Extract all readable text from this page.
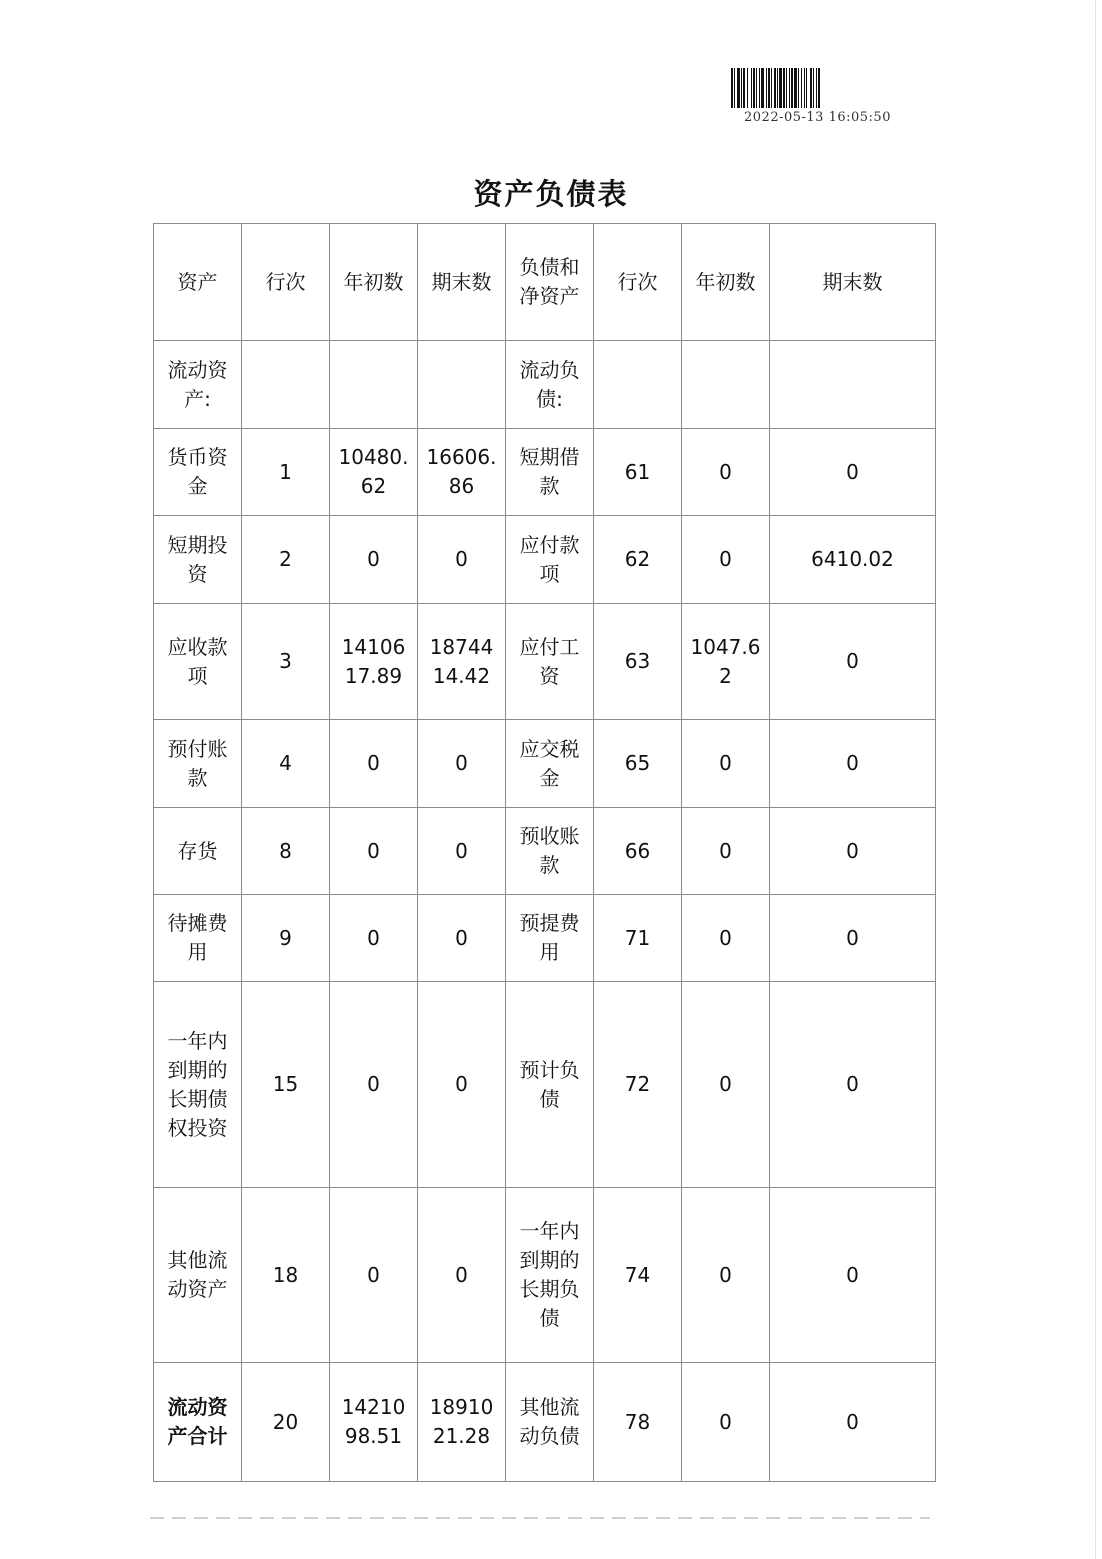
2022-05-13 16:05:50
资产负债表
资产	行次	年初数	期末数	负债和净资产	行次	年初数	期末数
流动资产:				流动负债:			
货币资金	1	10480.62	16606.86	短期借款	61	0	0
短期投资	2	0	0	应付款项	62	0	6410.02
应收款项	3	1410617.89	1874414.42	应付工资	63	1047.62	0
预付账款	4	0	0	应交税金	65	0	0
存货	8	0	0	预收账款	66	0	0
待摊费用	9	0	0	预提费用	71	0	0
一年内到期的长期债权投资	15	0	0	预计负债	72	0	0
其他流动资产	18	0	0	一年内到期的长期负债	74	0	0
流动资产合计	20	1421098.51	1891021.28	其他流动负债	78	0	0
